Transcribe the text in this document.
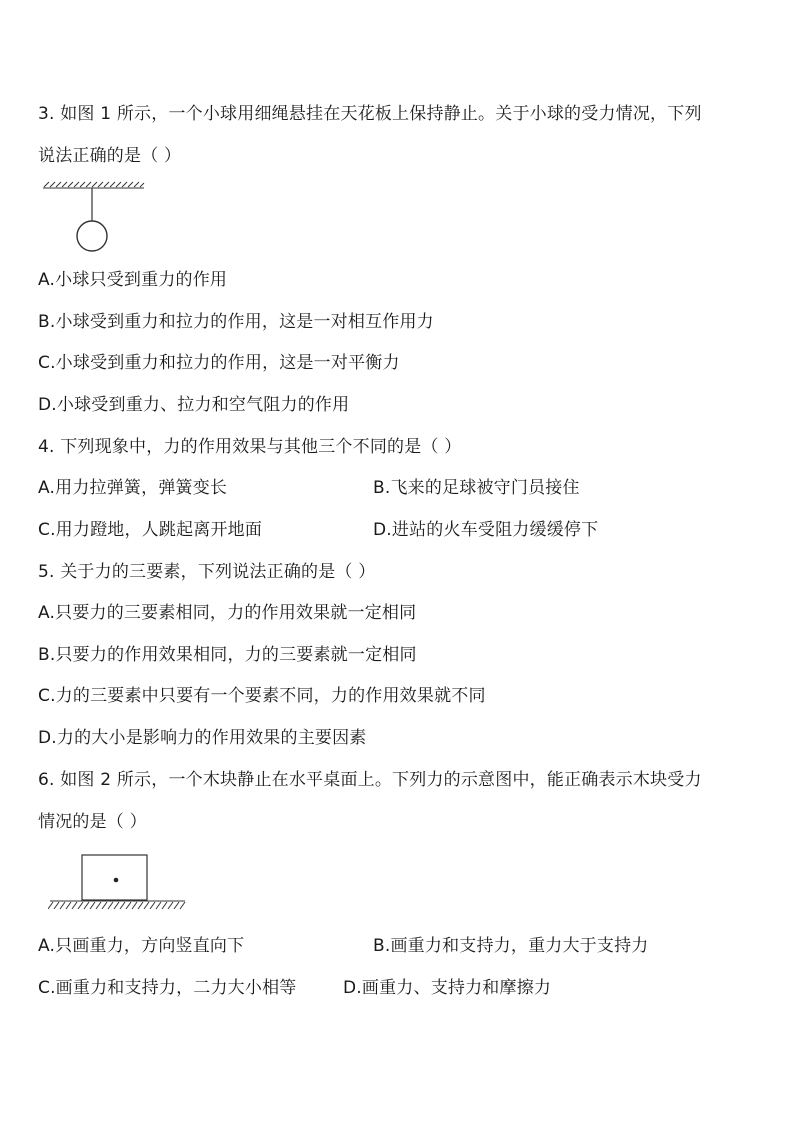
3. 如图 1 所示，一个小球用细绳悬挂在天花板上保持静止。关于小球的受力情况，下列
说法正确的是（ ）
A.小球只受到重力的作用
B.小球受到重力和拉力的作用，这是一对相互作用力
C.小球受到重力和拉力的作用，这是一对平衡力
D.小球受到重力、拉力和空气阻力的作用
4. 下列现象中，力的作用效果与其他三个不同的是（ ）
A.用力拉弹簧，弹簧变长	B.飞来的足球被守门员接住
C.用力蹬地，人跳起离开地面	D.进站的火车受阻力缓缓停下
5. 关于力的三要素，下列说法正确的是（ ）
A.只要力的三要素相同，力的作用效果就一定相同
B.只要力的作用效果相同，力的三要素就一定相同
C.力的三要素中只要有一个要素不同，力的作用效果就不同
D.力的大小是影响力的作用效果的主要因素
6. 如图 2 所示，一个木块静止在水平桌面上。下列力的示意图中，能正确表示木块受力
情况的是（ ）
A.只画重力，方向竖直向下	B.画重力和支持力，重力大于支持力
C.画重力和支持力，二力大小相等	D.画重力、支持力和摩擦力
